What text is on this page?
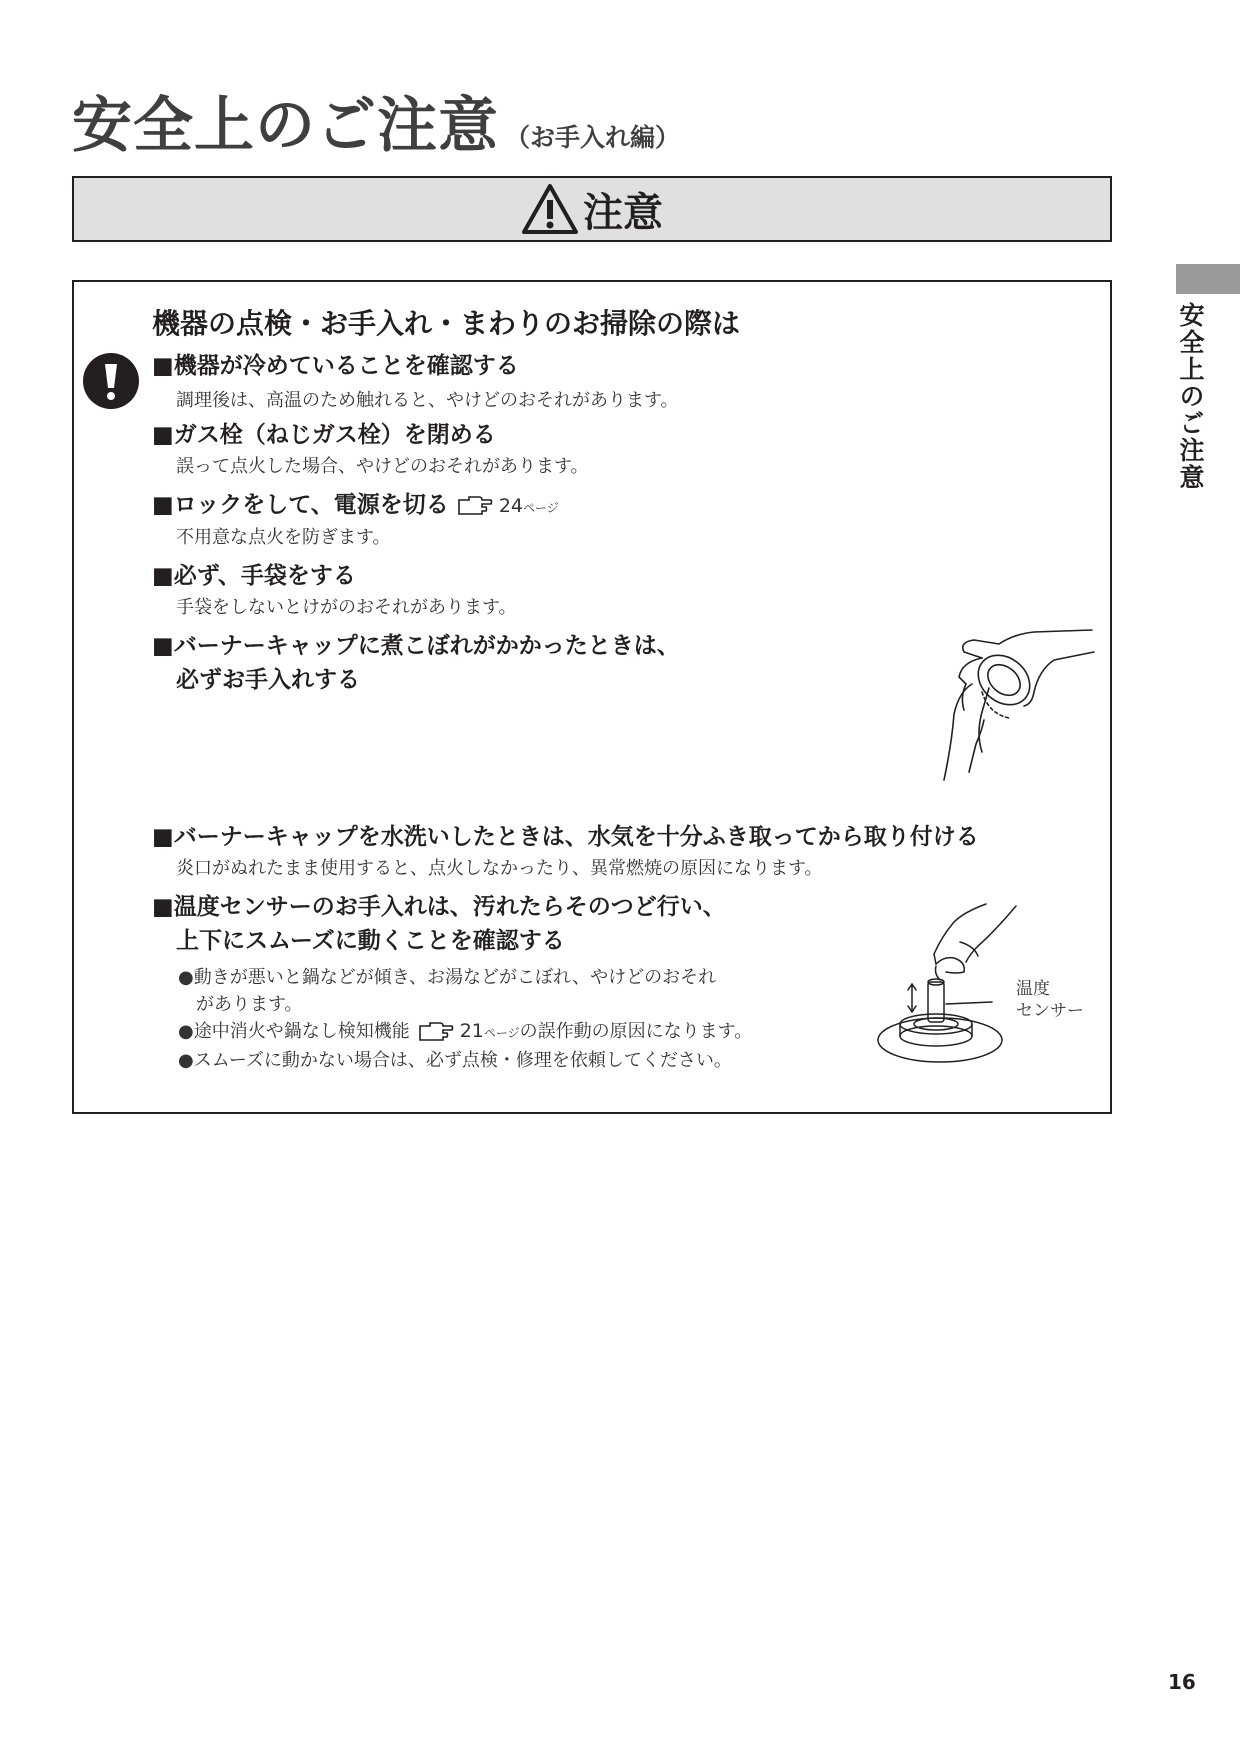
安全上のご注意 （お手入れ編）
注意
機器の点検・お手入れ・まわりのお掃除の際は
■機器が冷めていることを確認する
調理後は、高温のため触れると、やけどのおそれがあります。
■ガス栓（ねじガス栓）を閉める
誤って点火した場合、やけどのおそれがあります。
■ロックをして、電源を切る	24ページ
不用意な点火を防ぎます。
■必ず、手袋をする
手袋をしないとけがのおそれがあります。
■バーナーキャップに煮こぼれがかかったときは、
必ずお手入れする
■バーナーキャップを水洗いしたときは、水気を十分ふき取ってから取り付ける
炎口がぬれたまま使用すると、点火しなかったり、異常燃焼の原因になります。
■温度センサーのお手入れは、汚れたらそのつど行い、
上下にスムーズに動くことを確認する
●動きが悪いと鍋などが傾き、お湯などがこぼれ、やけどのおそれ
があります。
●途中消火や鍋なし検知機能	21ページの誤作動の原因になります。
●スムーズに動かない場合は、必ず点検・修理を依頼してください。
温度
センサー
安全上のご注意
16
